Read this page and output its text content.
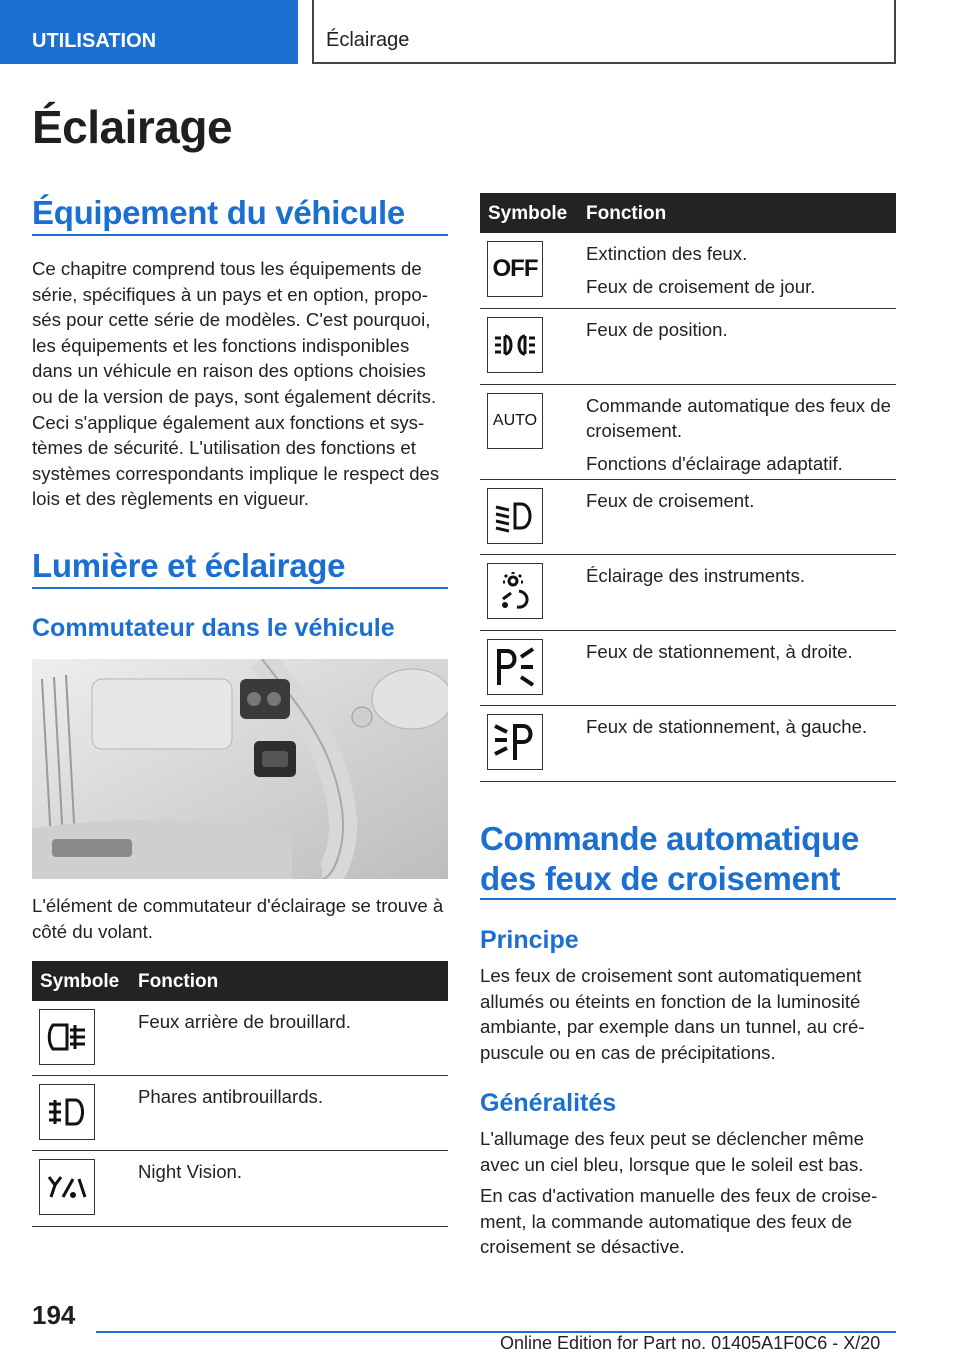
UTILISATION	Éclairage
Éclairage
Équipement du véhicule
Ce chapitre comprend tous les équipements de série, spécifiques à un pays et en option, proposés pour cette série de modèles. C'est pourquoi, les équipements et les fonctions indisponibles dans un véhicule en raison des options choisies ou de la version de pays, sont également décrits. Ceci s'applique également aux fonctions et systèmes de sécurité. L'utilisation des fonctions et systèmes correspondants implique le respect des lois et des règlements en vigueur.
Lumière et éclairage
Commutateur dans le véhicule
L'élément de commutateur d'éclairage se trouve à côté du volant.
Symbole Fonction

Feux arrière de brouillard.

Phares antibrouillards.

Night Vision.

Symbole Fonction
OFF

Extinction des feux.

Feux de croisement de jour.

Feux de position.

AUTO

Commande automatique des feux de croisement.

Fonctions d'éclairage adaptatif.

Feux de croisement.

Éclairage des instruments.

Feux de stationnement, à droite.

Feux de stationnement, à gauche.

Commande automatique des feux de croisement
Principe
Les feux de croisement sont automatiquement allumés ou éteints en fonction de la luminosité ambiante, par exemple dans un tunnel, au crépuscule ou en cas de précipitations.
Généralités
L'allumage des feux peut se déclencher même avec un ciel bleu, lorsque que le soleil est bas.
En cas d'activation manuelle des feux de croisement, la commande automatique des feux de croisement se désactive.
194
Online Edition for Part no. 01405A1F0C6 - X/20
